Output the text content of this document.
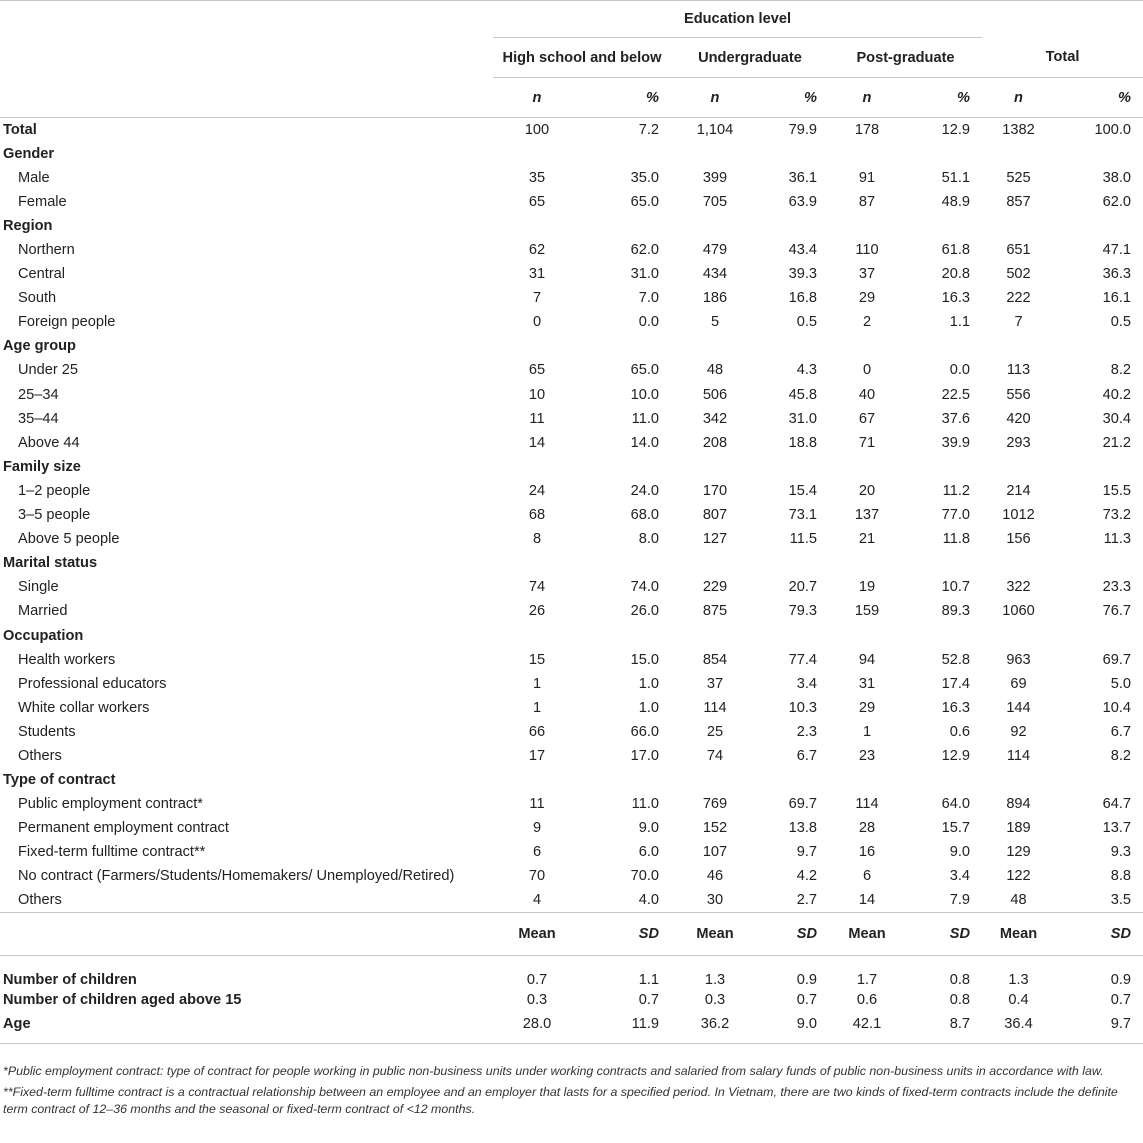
	Education level							
	High school and below		Undergraduate		Post-graduate		Total	
	n	%	n	%	n	%	n	%
Total	100	7.2	1,104	79.9	178	12.9	1382	100.0
Gender								
Male	35	35.0	399	36.1	91	51.1	525	38.0
Female	65	65.0	705	63.9	87	48.9	857	62.0
Region								
Northern	62	62.0	479	43.4	110	61.8	651	47.1
Central	31	31.0	434	39.3	37	20.8	502	36.3
South	7	7.0	186	16.8	29	16.3	222	16.1
Foreign people	0	0.0	5	0.5	2	1.1	7	0.5
Age group								
Under 25	65	65.0	48	4.3	0	0.0	113	8.2
25–34	10	10.0	506	45.8	40	22.5	556	40.2
35–44	11	11.0	342	31.0	67	37.6	420	30.4
Above 44	14	14.0	208	18.8	71	39.9	293	21.2
Family size								
1–2 people	24	24.0	170	15.4	20	11.2	214	15.5
3–5 people	68	68.0	807	73.1	137	77.0	1012	73.2
Above 5 people	8	8.0	127	11.5	21	11.8	156	11.3
Marital status								
Single	74	74.0	229	20.7	19	10.7	322	23.3
Married	26	26.0	875	79.3	159	89.3	1060	76.7
Occupation								
Health workers	15	15.0	854	77.4	94	52.8	963	69.7
Professional educators	1	1.0	37	3.4	31	17.4	69	5.0
White collar workers	1	1.0	114	10.3	29	16.3	144	10.4
Students	66	66.0	25	2.3	1	0.6	92	6.7
Others	17	17.0	74	6.7	23	12.9	114	8.2
Type of contract								
Public employment contract*	11	11.0	769	69.7	114	64.0	894	64.7
Permanent employment contract	9	9.0	152	13.8	28	15.7	189	13.7
Fixed-term fulltime contract**	6	6.0	107	9.7	16	9.0	129	9.3
No contract (Farmers/Students/Homemakers/ Unemployed/Retired)	70	70.0	46	4.2	6	3.4	122	8.8
Others	4	4.0	30	2.7	14	7.9	48	3.5
	Mean	SD	Mean	SD	Mean	SD	Mean	SD
Number of children	0.7	1.1	1.3	0.9	1.7	0.8	1.3	0.9
Number of children aged above 15	0.3	0.7	0.3	0.7	0.6	0.8	0.4	0.7
Age	28.0	11.9	36.2	9.0	42.1	8.7	36.4	9.7

*Public employment contract: type of contract for people working in public non-business units under working contracts and salaried from salary funds of public non-business units in accordance with law.

**Fixed-term fulltime contract is a contractual relationship between an employee and an employer that lasts for a specified period. In Vietnam, there are two kinds of fixed-term contracts include the definite term contract of 12–36 months and the seasonal or fixed-term contract of <12 months.
